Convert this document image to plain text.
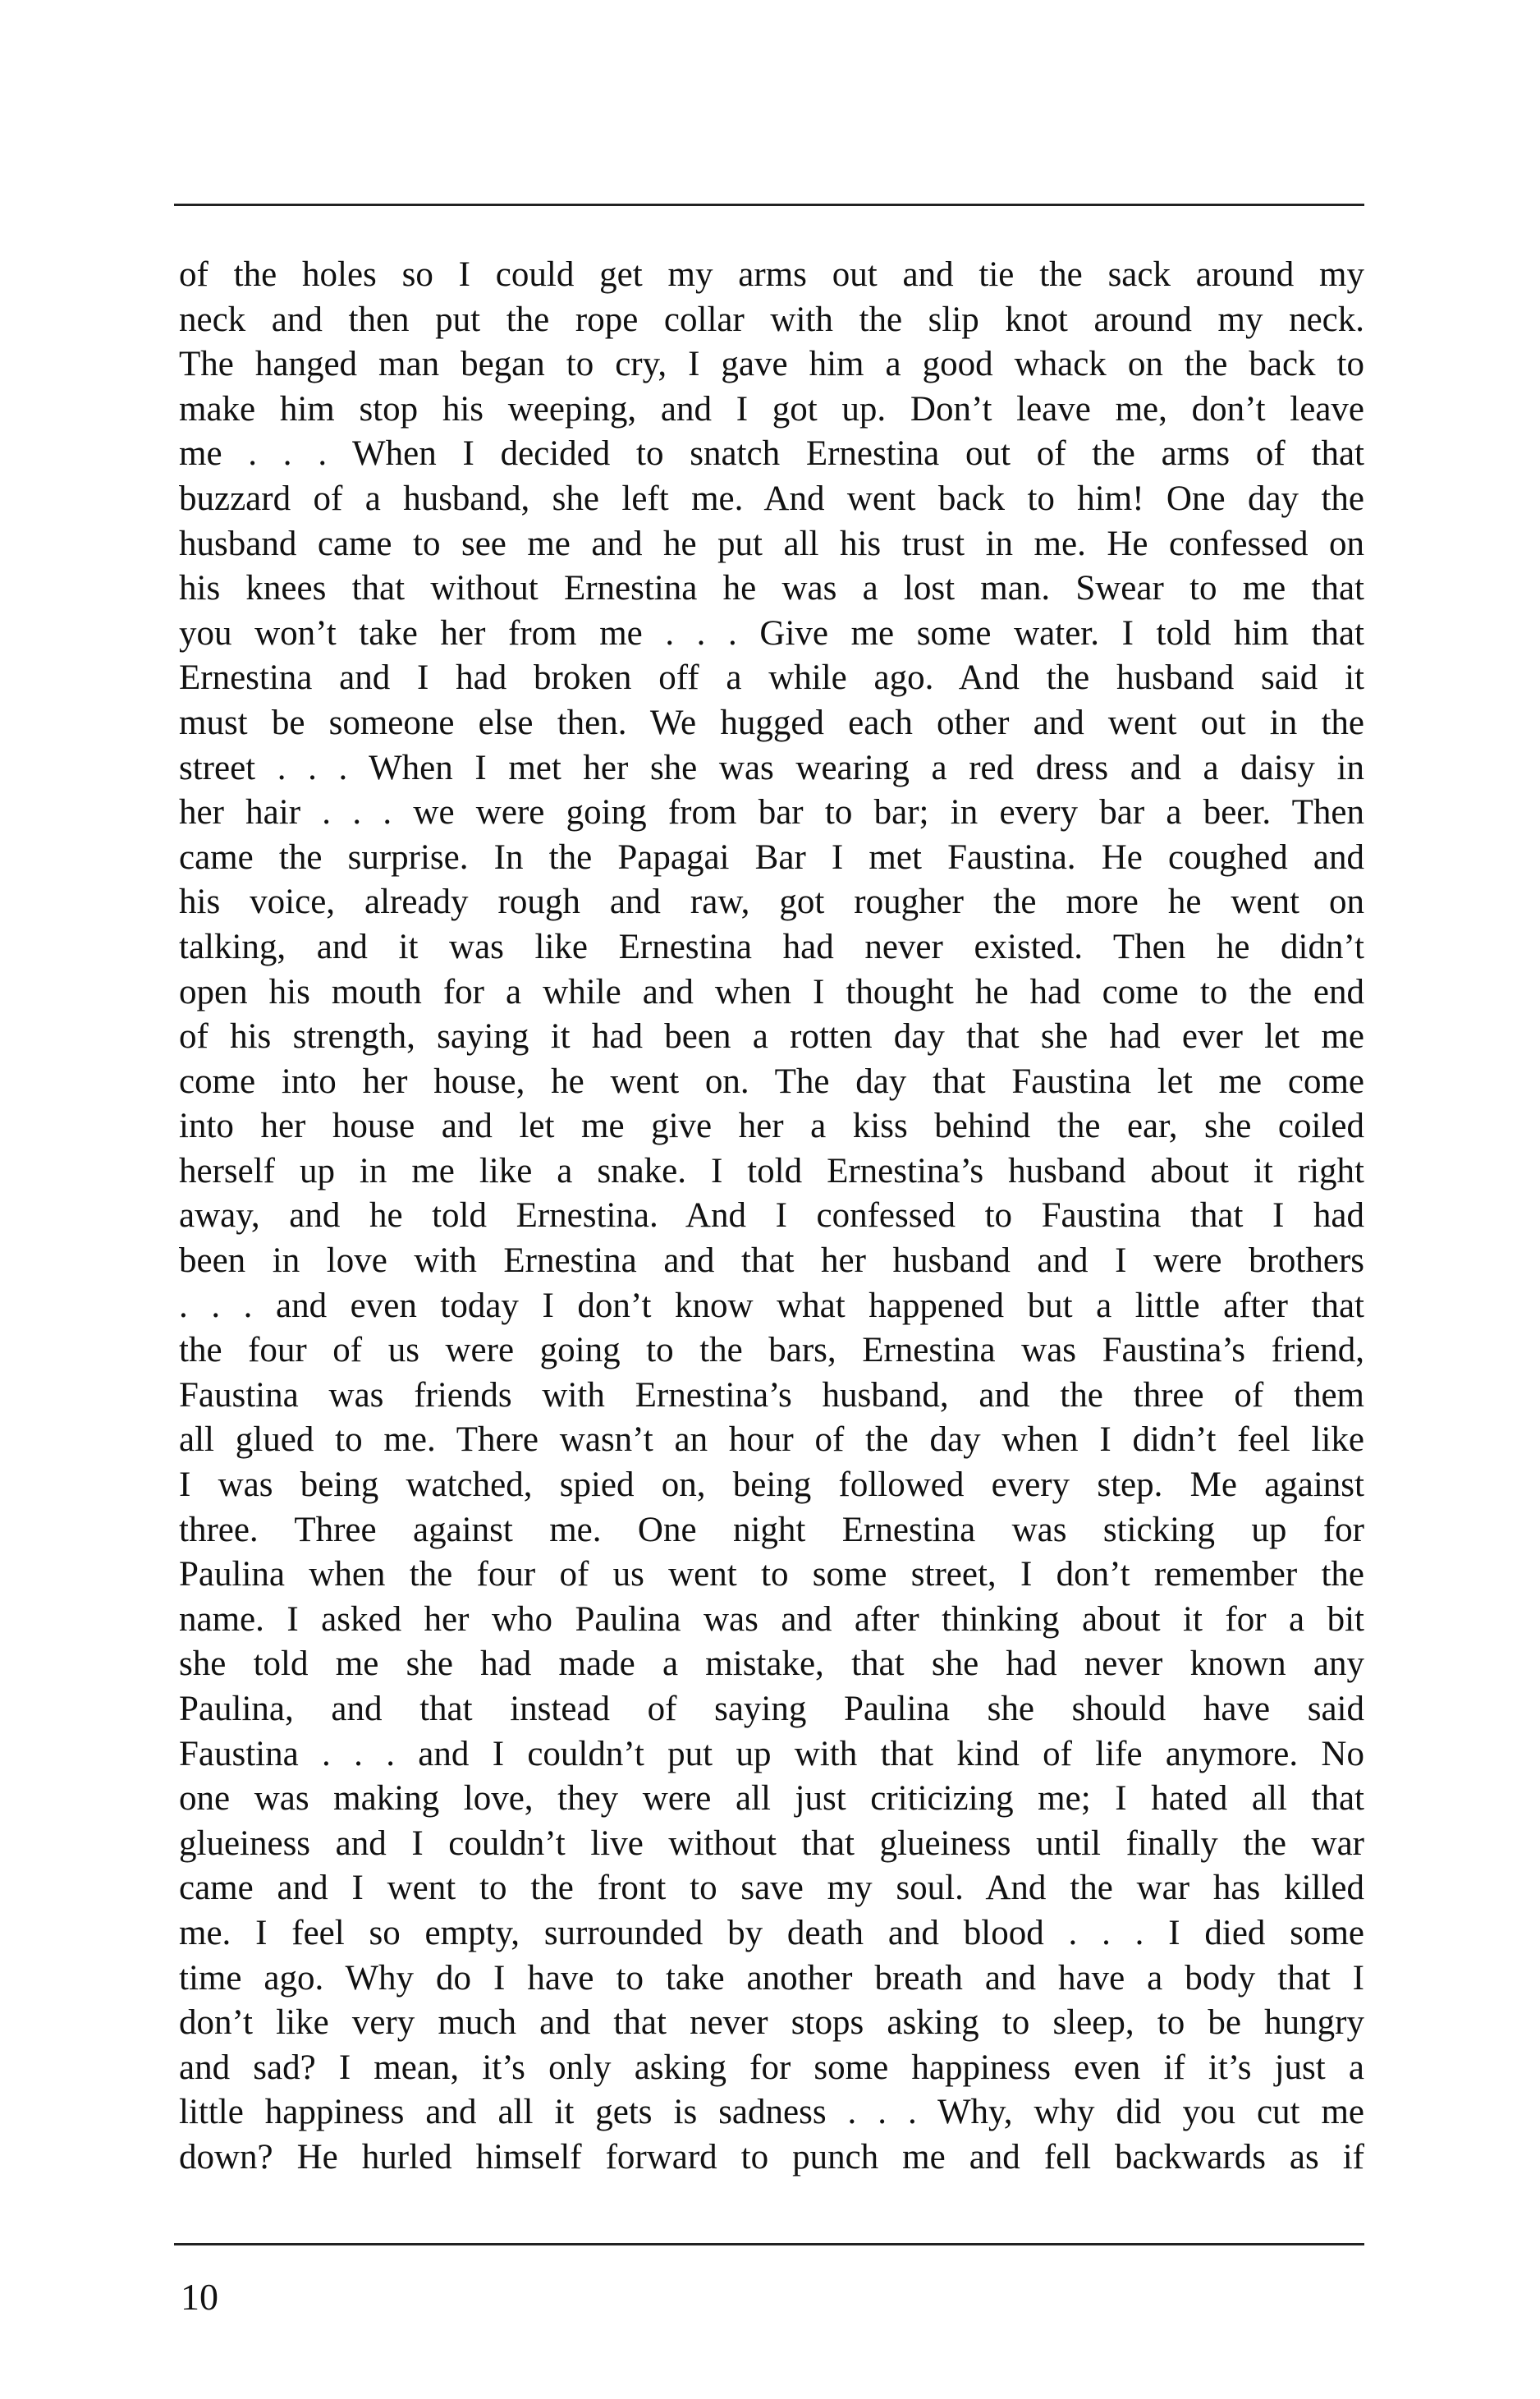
of the holes so I could get my arms out and tie the sack around my
neck and then put the rope collar with the slip knot around my neck.
The hanged man began to cry, I gave him a good whack on the back to
make him stop his weeping, and I got up. Don’t leave me, don’t leave
me . . . When I decided to snatch Ernestina out of the arms of that
buzzard of a husband, she left me. And went back to him! One day the
husband came to see me and he put all his trust in me. He confessed on
his knees that without Ernestina he was a lost man. Swear to me that
you won’t take her from me . . . Give me some water. I told him that
Ernestina and I had broken off a while ago. And the husband said it
must be someone else then. We hugged each other and went out in the
street . . . When I met her she was wearing a red dress and a daisy in
her hair . . . we were going from bar to bar; in every bar a beer. Then
came the surprise. In the Papagai Bar I met Faustina. He coughed and
his voice, already rough and raw, got rougher the more he went on
talking, and it was like Ernestina had never existed. Then he didn’t
open his mouth for a while and when I thought he had come to the end
of his strength, saying it had been a rotten day that she had ever let me
come into her house, he went on. The day that Faustina let me come
into her house and let me give her a kiss behind the ear, she coiled
herself up in me like a snake. I told Ernestina’s husband about it right
away, and he told Ernestina. And I confessed to Faustina that I had
been in love with Ernestina and that her husband and I were brothers
. . . and even today I don’t know what happened but a little after that
the four of us were going to the bars, Ernestina was Faustina’s friend,
Faustina was friends with Ernestina’s husband, and the three of them
all glued to me. There wasn’t an hour of the day when I didn’t feel like
I was being watched, spied on, being followed every step. Me against
three. Three against me. One night Ernestina was sticking up for
Paulina when the four of us went to some street, I don’t remember the
name. I asked her who Paulina was and after thinking about it for a bit
she told me she had made a mistake, that she had never known any
Paulina, and that instead of saying Paulina she should have said
Faustina . . . and I couldn’t put up with that kind of life anymore. No
one was making love, they were all just criticizing me; I hated all that
glueiness and I couldn’t live without that glueiness until finally the war
came and I went to the front to save my soul. And the war has killed
me. I feel so empty, surrounded by death and blood . . . I died some
time ago. Why do I have to take another breath and have a body that I
don’t like very much and that never stops asking to sleep, to be hungry
and sad? I mean, it’s only asking for some happiness even if it’s just a
little happiness and all it gets is sadness . . . Why, why did you cut me
down? He hurled himself forward to punch me and fell backwards as if
10
